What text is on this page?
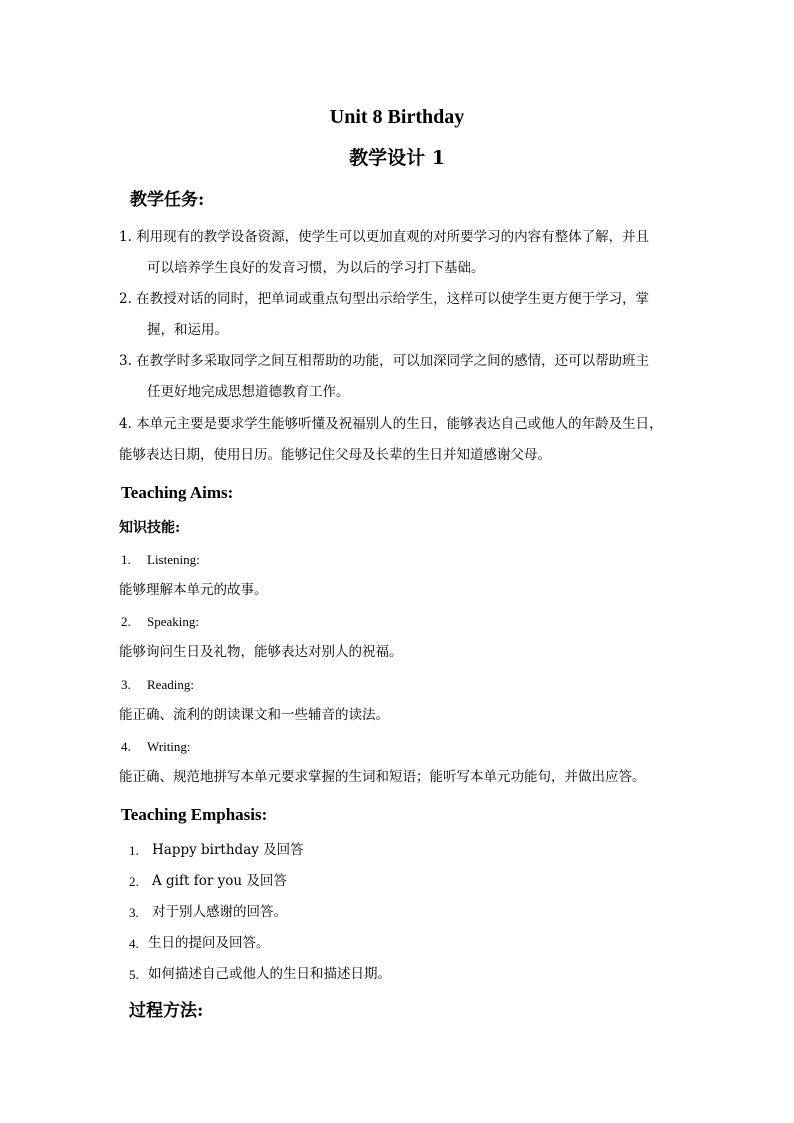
Unit 8 Birthday
教学设计 1
教学任务:
1. 利用现有的教学设备资源，使学生可以更加直观的对所要学习的内容有整体了解，并且
可以培养学生良好的发音习惯，为以后的学习打下基础。
2. 在教授对话的同时，把单词或重点句型出示给学生，这样可以使学生更方便于学习，掌
握，和运用。
3. 在教学时多采取同学之间互相帮助的功能，可以加深同学之间的感情，还可以帮助班主
任更好地完成思想道德教育工作。
4. 本单元主要是要求学生能够听懂及祝福别人的生日，能够表达自己或他人的年龄及生日，
能够表达日期，使用日历。能够记住父母及长辈的生日并知道感谢父母。
Teaching Aims:
知识技能:
1. Listening:
能够理解本单元的故事。
2. Speaking:
能够询问生日及礼物，能够表达对别人的祝福。
3. Reading:
能正确、流利的朗读课文和一些辅音的读法。
4. Writing:
能正确、规范地拼写本单元要求掌握的生词和短语；能听写本单元功能句，并做出应答。
Teaching Emphasis:
1. Happy birthday 及回答
2. A gift for you 及回答
3. 对于别人感谢的回答。
4. 生日的提问及回答。
5. 如何描述自己或他人的生日和描述日期。
过程方法:
